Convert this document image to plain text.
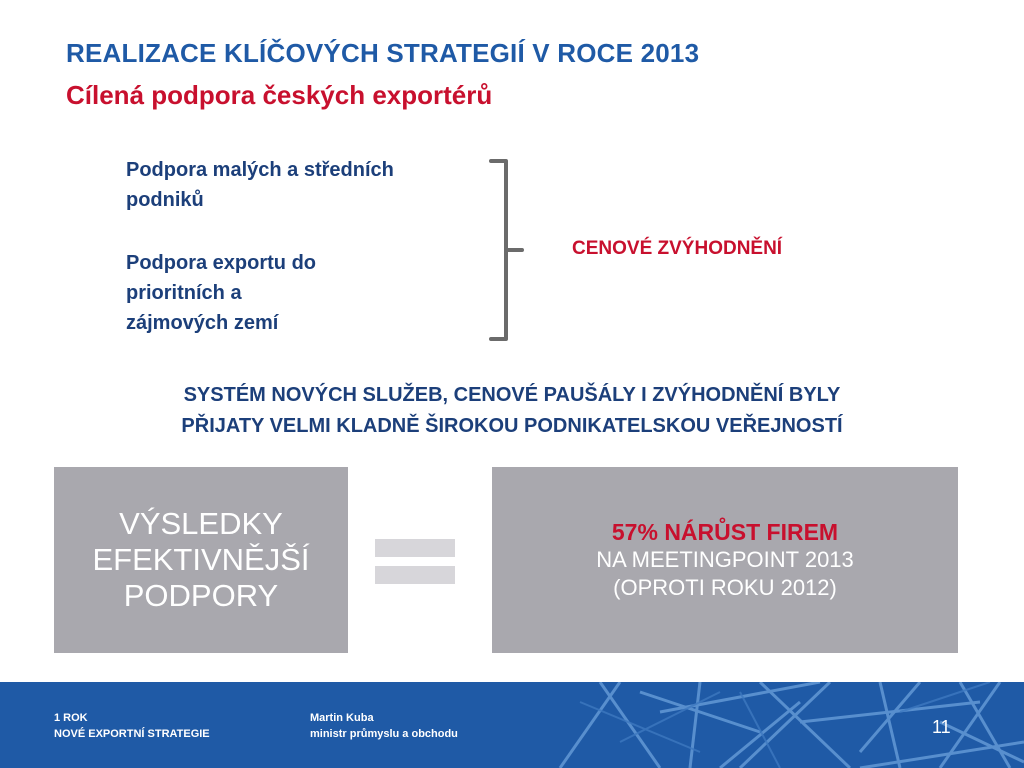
REALIZACE KLÍČOVÝCH STRATEGIÍ V ROCE 2013
Cílená podpora českých exportérů
Podpora malých a středních
podniků
Podpora exportu do
prioritních a
zájmových zemí
CENOVÉ ZVÝHODNĚNÍ
SYSTÉM NOVÝCH SLUŽEB, CENOVÉ PAUŠÁLY I ZVÝHODNĚNÍ BYLY
PŘIJATY VELMI KLADNĚ ŠIROKOU PODNIKATELSKOU VEŘEJNOSTÍ
VÝSLEDKY
EFEKTIVNĚJŠÍ
PODPORY
57% NÁRŮST FIREM
NA MEETINGPOINT 2013
(OPROTI ROKU 2012)
1 ROK
NOVÉ EXPORTNÍ STRATEGIE
Martin Kuba
ministr průmyslu a obchodu	11
